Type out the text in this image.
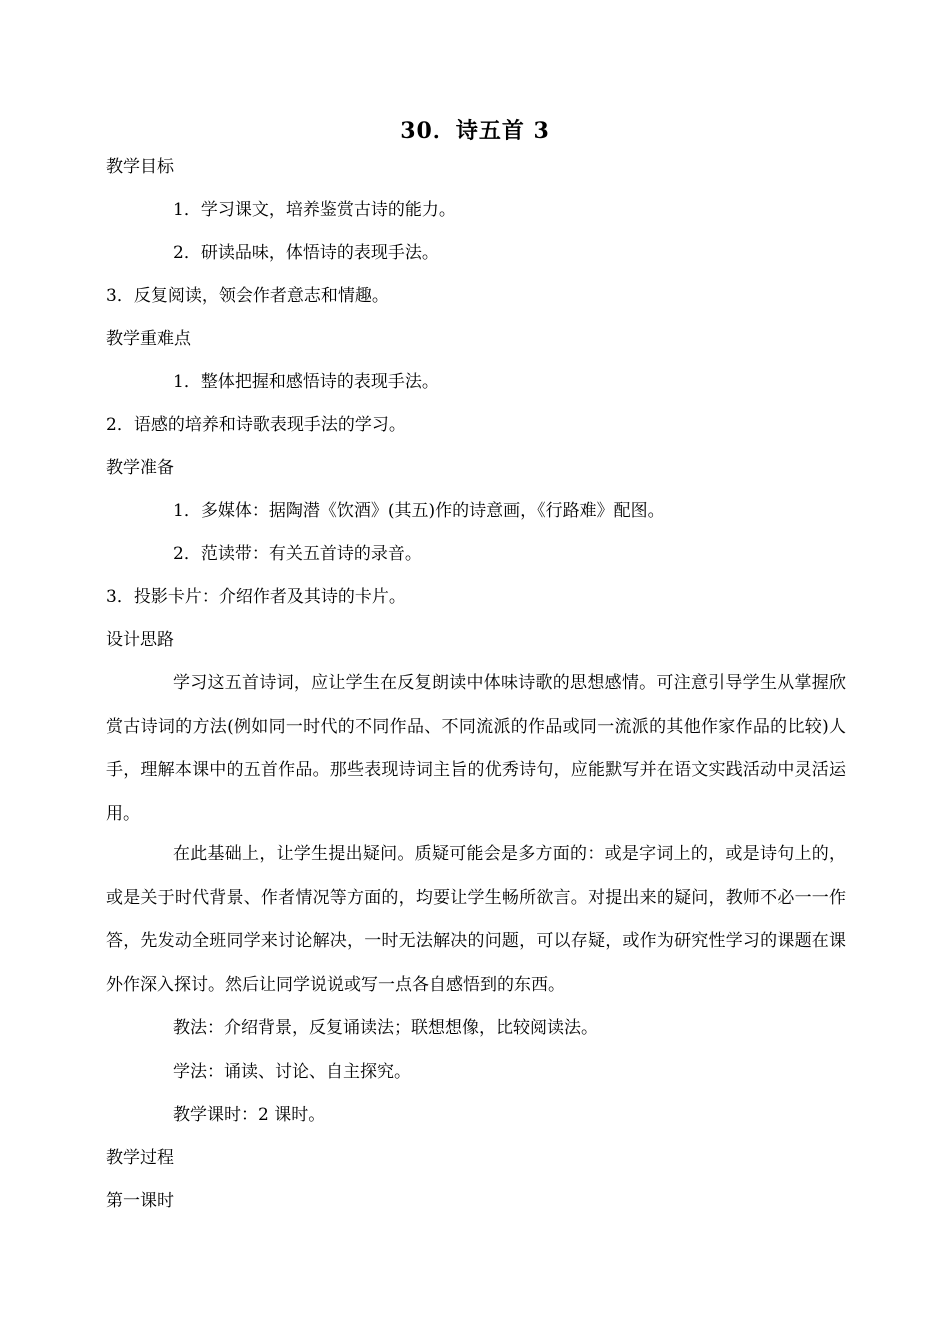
30．诗五首 3
教学目标
1．学习课文，培养鉴赏古诗的能力。
2．研读品味，体悟诗的表现手法。
3．反复阅读，领会作者意志和情趣。
教学重难点
1．整体把握和感悟诗的表现手法。
2．语感的培养和诗歌表现手法的学习。
教学准备
1．多媒体：据陶潜《饮酒》(其五)作的诗意画，《行路难》配图。
2．范读带：有关五首诗的录音。
3．投影卡片：介绍作者及其诗的卡片。
设计思路
学习这五首诗词，应让学生在反复朗读中体味诗歌的思想感情。可注意引导学生从掌握欣赏古诗词的方法(例如同一时代的不同作品、不同流派的作品或同一流派的其他作家作品的比较)人手，理解本课中的五首作品。那些表现诗词主旨的优秀诗句，应能默写并在语文实践活动中灵活运用。
在此基础上，让学生提出疑问。质疑可能会是多方面的：或是字词上的，或是诗句上的，或是关于时代背景、作者情况等方面的，均要让学生畅所欲言。对提出来的疑问，教师不必一一作答，先发动全班同学来讨论解决，一时无法解决的问题，可以存疑，或作为研究性学习的课题在课外作深入探讨。然后让同学说说或写一点各自感悟到的东西。
教法：介绍背景，反复诵读法；联想想像，比较阅读法。
学法：诵读、讨论、自主探究。
教学课时：2 课时。
教学过程
第一课时
